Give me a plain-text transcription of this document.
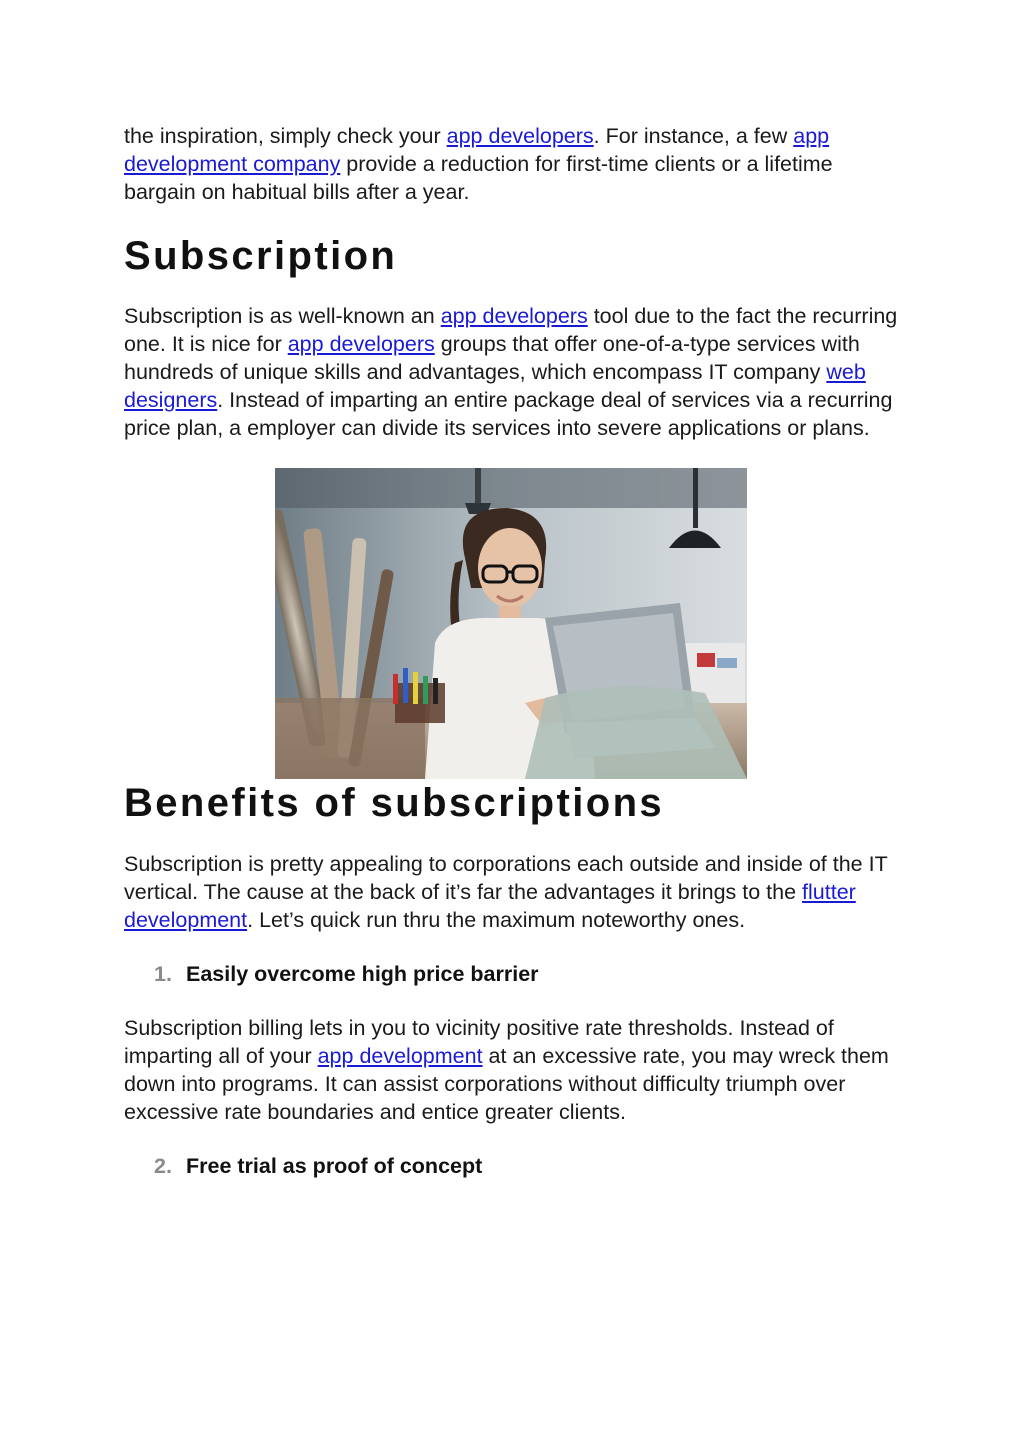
the inspiration, simply check your app developers. For instance, a few app development company provide a reduction for first-time clients or a lifetime bargain on habitual bills after a year.

Subscription

Subscription is as well-known an app developers tool due to the fact the recurring one. It is nice for app developers groups that offer one-of-a-type services with hundreds of unique skills and advantages, which encompass IT company web designers. Instead of imparting an entire package deal of services via a recurring price plan, a employer can divide its services into severe applications or plans.

Benefits of subscriptions

Subscription is pretty appealing to corporations each outside and inside of the IT vertical. The cause at the back of it’s far the advantages it brings to the flutter development. Let’s quick run thru the maximum noteworthy ones.

1. Easily overcome high price barrier

Subscription billing lets in you to vicinity positive rate thresholds. Instead of imparting all of your app development at an excessive rate, you may wreck them down into programs. It can assist corporations without difficulty triumph over excessive rate boundaries and entice greater clients.

2. Free trial as proof of concept
